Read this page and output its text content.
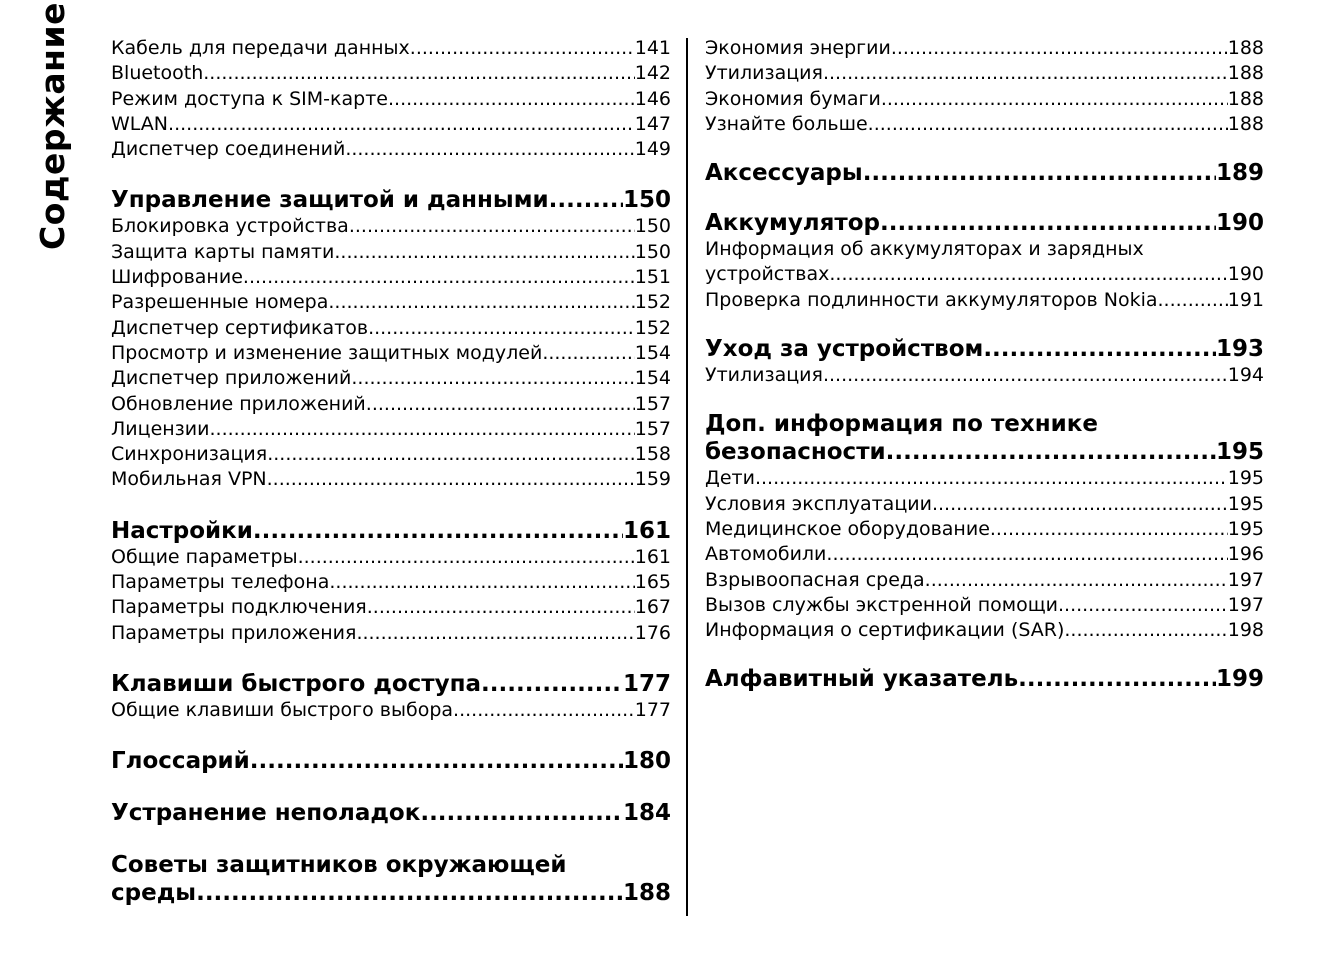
Содержание Кабель для передачи данных .....	141
Bluetooth .....	142
Режим доступа к SIM-карте .....	146
WLAN .....	147
Диспетчер соединений .....	149
Управление защитой и данными .....	150
Блокировка устройства .....	150
Защита карты памяти .....	150
Шифрование .....	151
Разрешенные номера .....	152
Диспетчер сертификатов .....	152
Просмотр и изменение защитных модулей .....	154
Диспетчер приложений .....	154
Обновление приложений .....	157
Лицензии .....	157
Синхронизация .....	158
Мобильная VPN .....	159
Настройки .....	161
Общие параметры .....	161
Параметры телефона .....	165
Параметры подключения .....	167
Параметры приложения .....	176
Клавиши быстрого доступа .....	177
Общие клавиши быстрого выбора .....	177
Глоссарий .....	180
Устранение неполадок .....	184
Советы защитников окружающей
среды .....	188
Экономия энергии .....	188
Утилизация .....	188
Экономия бумаги .....	188
Узнайте больше .....	188
Аксессуары .....	189
Аккумулятор .....	190
Информация об аккумуляторах и зарядных
устройствах .....	190
Проверка подлинности аккумуляторов Nokia .....	191
Уход за устройством .....	193
Утилизация .....	194
Доп. информация по технике
безопасности .....	195
Дети .....	195
Условия эксплуатации .....	195
Медицинское оборудование .....	195
Автомобили .....	196
Взрывоопасная среда .....	197
Вызов службы экстренной помощи .....	197
Информация о сертификации (SAR) .....	198
Алфавитный указатель .....	199
